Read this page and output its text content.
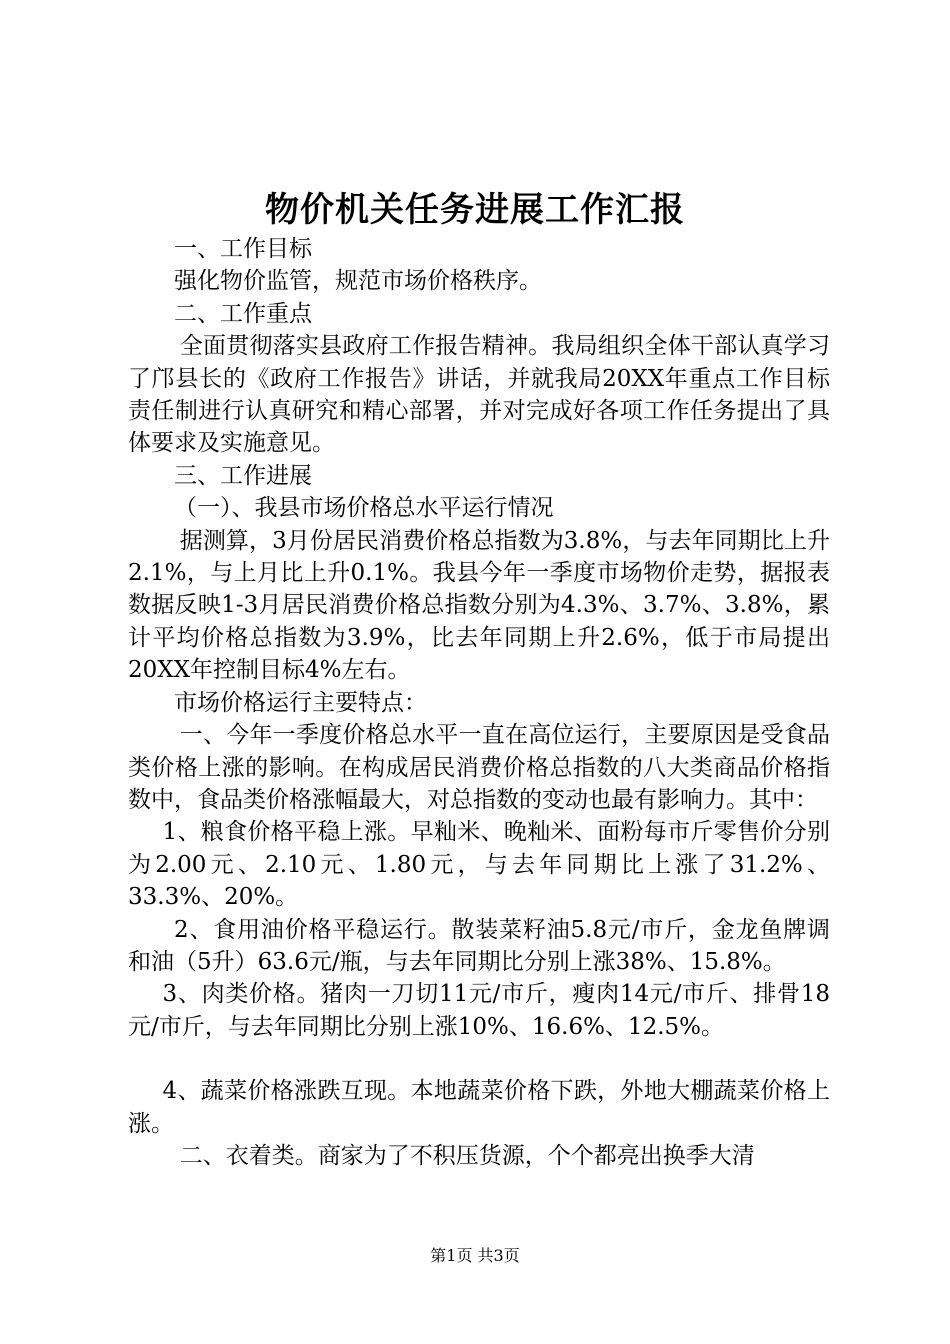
物价机关任务进展工作汇报

一、工作目标

强化物价监管，规范市场价格秩序。

二、工作重点

全面贯彻落实县政府工作报告精神。我局组织全体干部认真学习了邝县长的《政府工作报告》讲话，并就我局20XX年重点工作目标责任制进行认真研究和精心部署，并对完成好各项工作任务提出了具体要求及实施意见。

三、工作进展

（一）、我县市场价格总水平运行情况

据测算，3月份居民消费价格总指数为3.8%，与去年同期比上升2.1%，与上月比上升0.1%。我县今年一季度市场物价走势，据报表数据反映1-3月居民消费价格总指数分别为4.3%、3.7%、3.8%，累计平均价格总指数为3.9%，比去年同期上升2.6%，低于市局提出20XX年控制目标4%左右。

市场价格运行主要特点：

一、今年一季度价格总水平一直在高位运行，主要原因是受食品类价格上涨的影响。在构成居民消费价格总指数的八大类商品价格指数中，食品类价格涨幅最大，对总指数的变动也最有影响力。其中：

1、粮食价格平稳上涨。早籼米、晚籼米、面粉每市斤零售价分别为2.00元、2.10元、1.80元，与去年同期比上涨了31.2%、33.3%、20%。

2、食用油价格平稳运行。散装菜籽油5.8元/市斤，金龙鱼牌调和油（5升）63.6元/瓶，与去年同期比分别上涨38%、15.8%。

3、肉类价格。猪肉一刀切11元/市斤，瘦肉14元/市斤、排骨18元/市斤，与去年同期比分别上涨10%、16.6%、12.5%。

4、蔬菜价格涨跌互现。本地蔬菜价格下跌，外地大棚蔬菜价格上涨。

二、衣着类。商家为了不积压货源，个个都亮出换季大清

第1页 共3页
